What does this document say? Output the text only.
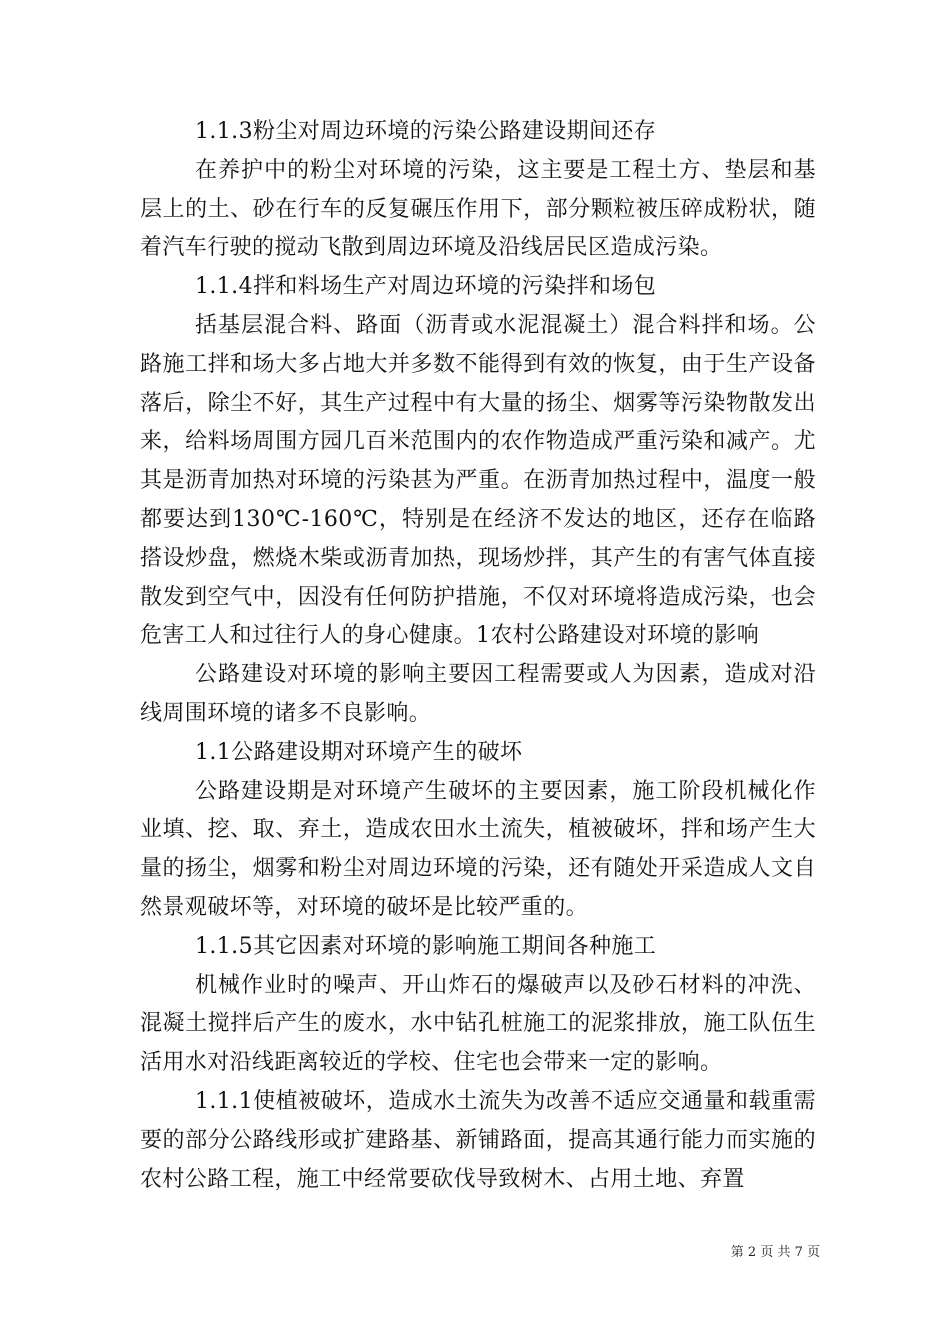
1.1.3粉尘对周边环境的污染公路建设期间还存

在养护中的粉尘对环境的污染，这主要是工程土方、垫层和基层上的土、砂在行车的反复碾压作用下，部分颗粒被压碎成粉状，随着汽车行驶的搅动飞散到周边环境及沿线居民区造成污染。

1.1.4拌和料场生产对周边环境的污染拌和场包

括基层混合料、路面（沥青或水泥混凝土）混合料拌和场。公路施工拌和场大多占地大并多数不能得到有效的恢复，由于生产设备落后，除尘不好，其生产过程中有大量的扬尘、烟雾等污染物散发出来，给料场周围方园几百米范围内的农作物造成严重污染和减产。尤其是沥青加热对环境的污染甚为严重。在沥青加热过程中，温度一般都要达到130℃-160℃，特别是在经济不发达的地区，还存在临路搭设炒盘，燃烧木柴或沥青加热，现场炒拌，其产生的有害气体直接散发到空气中，因没有任何防护措施，不仅对环境将造成污染，也会危害工人和过往行人的身心健康。1农村公路建设对环境的影响

公路建设对环境的影响主要因工程需要或人为因素，造成对沿线周围环境的诸多不良影响。

1.1公路建设期对环境产生的破坏

公路建设期是对环境产生破坏的主要因素，施工阶段机械化作业填、挖、取、弃土，造成农田水土流失，植被破坏，拌和场产生大量的扬尘，烟雾和粉尘对周边环境的污染，还有随处开采造成人文自然景观破坏等，对环境的破坏是比较严重的。

1.1.5其它因素对环境的影响施工期间各种施工

机械作业时的噪声、开山炸石的爆破声以及砂石材料的冲洗、混凝土搅拌后产生的废水，水中钻孔桩施工的泥浆排放，施工队伍生活用水对沿线距离较近的学校、住宅也会带来一定的影响。

1.1.1使植被破坏，造成水土流失为改善不适应交通量和载重需要的部分公路线形或扩建路基、新铺路面，提高其通行能力而实施的农村公路工程，施工中经常要砍伐导致树木、占用土地、弃置

第 2 页 共 7 页
